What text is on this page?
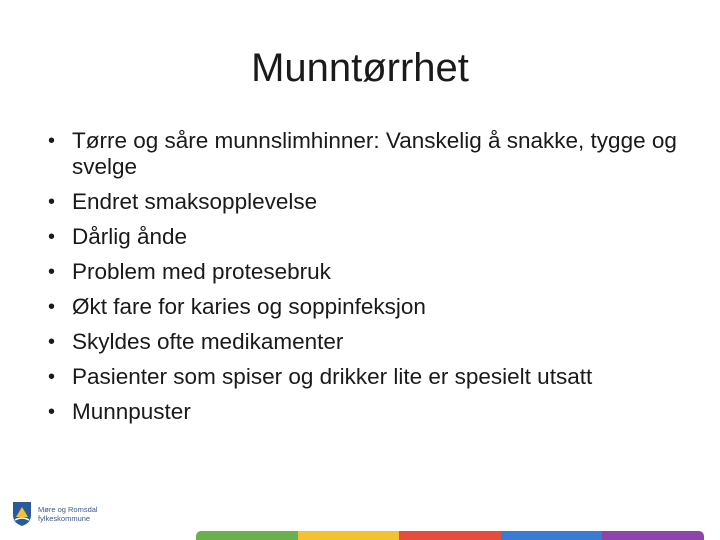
Munntørrhet
• Tørre og såre munnslimhinner: Vanskelig å snakke, tygge og svelge
• Endret smaksopplevelse
• Dårlig ånde
• Problem med protesebruk
• Økt fare for karies og soppinfeksjon
• Skyldes ofte medikamenter
• Pasienter som spiser og drikker lite er spesielt utsatt
• Munnpuster
Møre og Romsdal
fylkeskommune
